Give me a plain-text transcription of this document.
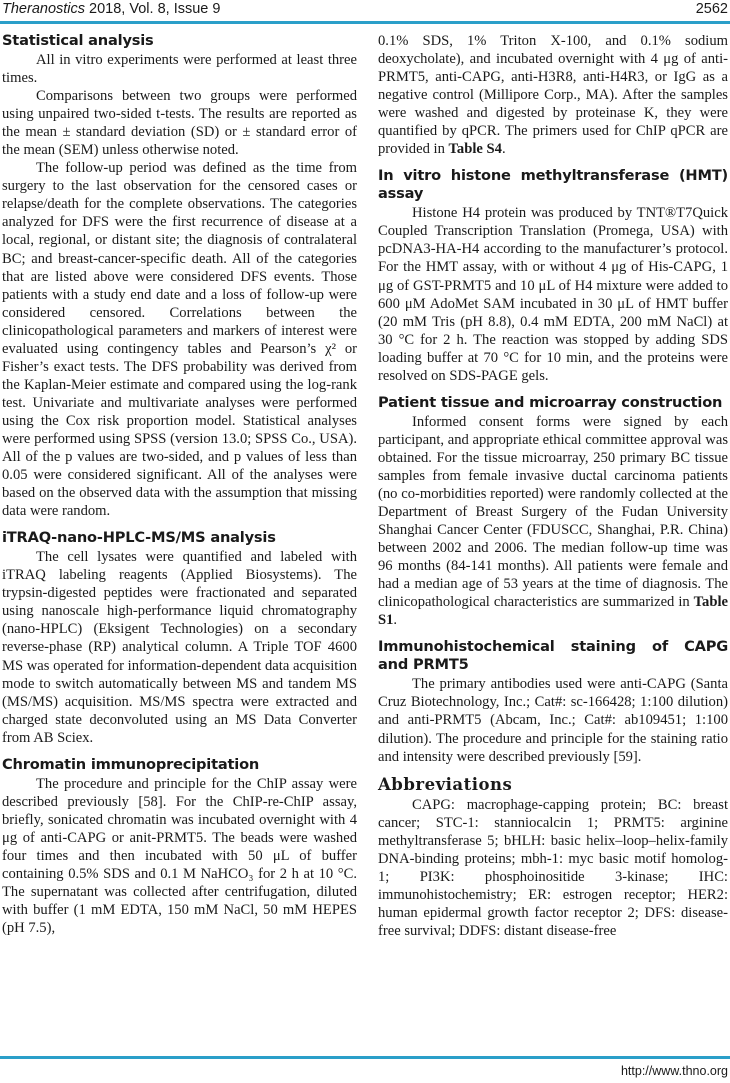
Theranostics 2018, Vol. 8, Issue 9	2562
Statistical analysis

All in vitro experiments were performed at least three times.

Comparisons between two groups were performed using unpaired two-sided t-tests. The results are reported as the mean ± standard deviation (SD) or ± standard error of the mean (SEM) unless otherwise noted.

The follow-up period was defined as the time from surgery to the last observation for the censored cases or relapse/death for the complete observations. The categories analyzed for DFS were the first recurrence of disease at a local, regional, or distant site; the diagnosis of contralateral BC; and breast-cancer-specific death. All of the categories that are listed above were considered DFS events. Those patients with a study end date and a loss of follow-up were considered censored. Correlations between the clinicopathological parameters and markers of interest were evaluated using contingency tables and Pearson’s χ² or Fisher’s exact tests. The DFS probability was derived from the Kaplan-Meier estimate and compared using the log-rank test. Univariate and multivariate analyses were performed using the Cox risk proportion model. Statistical analyses were performed using SPSS (version 13.0; SPSS Co., USA). All of the p values are two-sided, and p values of less than 0.05 were considered significant. All of the analyses were based on the observed data with the assumption that missing data were random.

iTRAQ-nano-HPLC-MS/MS analysis

The cell lysates were quantified and labeled with iTRAQ labeling reagents (Applied Biosystems). The trypsin-digested peptides were fractionated and separated using nanoscale high-performance liquid chromatography (nano-HPLC) (Eksigent Technologies) on a secondary reverse-phase (RP) analytical column. A Triple TOF 4600 MS was operated for information-dependent data acquisition mode to switch automatically between MS and tandem MS (MS/MS) acquisition. MS/MS spectra were extracted and charged state deconvoluted using an MS Data Converter from AB Sciex.

Chromatin immunoprecipitation

The procedure and principle for the ChIP assay were described previously [58]. For the ChIP-re-ChIP assay, briefly, sonicated chromatin was incubated overnight with 4 μg of anti-CAPG or anit-PRMT5. The beads were washed four times and then incubated with 50 μL of buffer containing 0.5% SDS and 0.1 M NaHCO₃ for 2 h at 10 °C. The supernatant was collected after centrifugation, diluted with buffer (1 mM EDTA, 150 mM NaCl, 50 mM HEPES (pH 7.5),

0.1% SDS, 1% Triton X-100, and 0.1% sodium deoxycholate), and incubated overnight with 4 μg of anti-PRMT5, anti-CAPG, anti-H3R8, anti-H4R3, or IgG as a negative control (Millipore Corp., MA). After the samples were washed and digested by proteinase K, they were quantified by qPCR. The primers used for ChIP qPCR are provided in Table S4.

In vitro histone methyltransferase (HMT) assay

Histone H4 protein was produced by TNT®T7Quick Coupled Transcription Translation (Promega, USA) with pcDNA3-HA-H4 according to the manufacturer’s protocol. For the HMT assay, with or without 4 μg of His-CAPG, 1 μg of GST-PRMT5 and 10 μL of H4 mixture were added to 600 μM AdoMet SAM incubated in 30 μL of HMT buffer (20 mM Tris (pH 8.8), 0.4 mM EDTA, 200 mM NaCl) at 30 °C for 2 h. The reaction was stopped by adding SDS loading buffer at 70 °C for 10 min, and the proteins were resolved on SDS-PAGE gels.

Patient tissue and microarray construction

Informed consent forms were signed by each participant, and appropriate ethical committee approval was obtained. For the tissue microarray, 250 primary BC tissue samples from female invasive ductal carcinoma patients (no co-morbidities reported) were randomly collected at the Department of Breast Surgery of the Fudan University Shanghai Cancer Center (FDUSCC, Shanghai, P.R. China) between 2002 and 2006. The median follow-up time was 96 months (84-141 months). All patients were female and had a median age of 53 years at the time of diagnosis. The clinicopathological characteristics are summarized in Table S1.

Immunohistochemical staining of CAPG and PRMT5

The primary antibodies used were anti-CAPG (Santa Cruz Biotechnology, Inc.; Cat#: sc-166428; 1:100 dilution) and anti-PRMT5 (Abcam, Inc.; Cat#: ab109451; 1:100 dilution). The procedure and principle for the staining ratio and intensity were described previously [59].

Abbreviations

CAPG: macrophage-capping protein; BC: breast cancer; STC-1: stanniocalcin 1; PRMT5: arginine methyltransferase 5; bHLH: basic helix–loop–helix-family DNA-binding proteins; mbh-1: myc basic motif homolog-1; PI3K: phosphoinositide 3-kinase; IHC: immunohistochemistry; ER: estrogen receptor; HER2: human epidermal growth factor receptor 2; DFS: disease-free survival; DDFS: distant disease-free

http://www.thno.org
